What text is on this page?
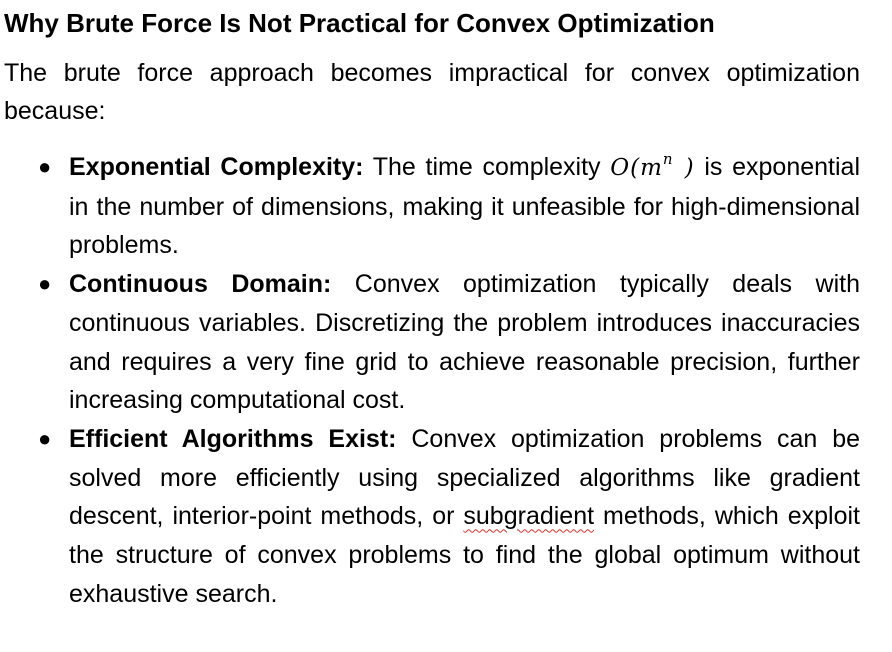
Why Brute Force Is Not Practical for Convex Optimization

The brute force approach becomes impractical for convex optimization because:

● Exponential Complexity: The time complexity $O(m^n$ ) is exponential in the number of dimensions, making it unfeasible for high-dimensional problems.
● Continuous Domain: Convex optimization typically deals with continuous variables. Discretizing the problem introduces inaccuracies and requires a very fine grid to achieve reasonable precision, further increasing computational cost.
● Efficient Algorithms Exist: Convex optimization problems can be solved more efficiently using specialized algorithms like gradient descent, interior-point methods, or subgradient methods, which exploit the structure of convex problems to find the global optimum without exhaustive search.
